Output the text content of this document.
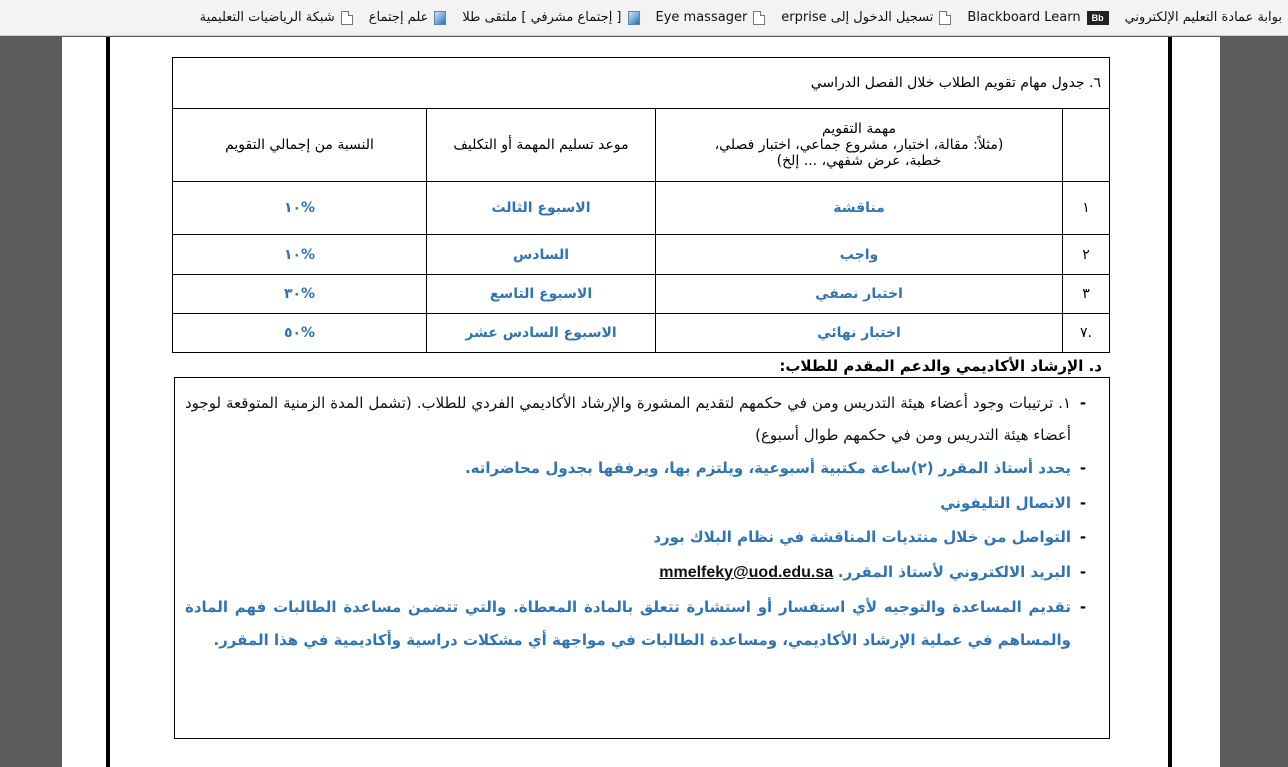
بوابة عمادة التعليم الإلكتروني
Bb
Blackboard Learn
تسجيل الدخول إلى erprise
Eye massager
[ إجتماع مشرفي ] ملتقى طلا
علم إجتماع
شبكة الرياضيات التعليمية
٦. جدول مهام تقويم الطلاب خلال الفصل الدراسي			

	مهمة التقويم
(مثلاً: مقالة، اختبار، مشروع جماعي، اختبار فصلي،
خطبة، عرض شفهي، ... إلخ)	موعد تسليم المهمة أو التكليف	النسبة من إجمالي التقويم
١	مناقشة	الاسبوع الثالث	%١٠
٢	واجب	السادس	%١٠
٣	اختبار نصفي	الاسبوع التاسع	%٣٠
.٧	اختبار نهائي	الاسبوع السادس عشر	%٥٠
د. الإرشاد الأكاديمي والدعم المقدم للطلاب:
-
١. ترتيبات وجود أعضاء هيئة التدريس ومن في حكمهم لتقديم المشورة والإرشاد الأكاديمي الفردي للطلاب. (تشمل المدة الزمنية المتوقعة لوجود أعضاء هيئة التدريس ومن في حكمهم طوال أسبوع)
-
يحدد أستاذ المقرر (٢)ساعة مكتبية أسبوعية، ويلتزم بها، ويرفقها بجدول محاضراته.
-
الاتصال التليفوني
-
التواصل من خلال منتديات المناقشة في نظام البلاك بورد
-
البريد الالكتروني لأستاذ المقرر. mmelfeky@uod.edu.sa
-
تقديم المساعدة والتوجيه لأي استفسار أو استشارة تتعلق بالمادة المعطاة. والتي تتضمن مساعدة الطالبات فهم المادة والمساهم في عملية الإرشاد الأكاديمي، ومساعدة الطالبات في مواجهة أي مشكلات دراسية وأكاديمية في هذا المقرر.
